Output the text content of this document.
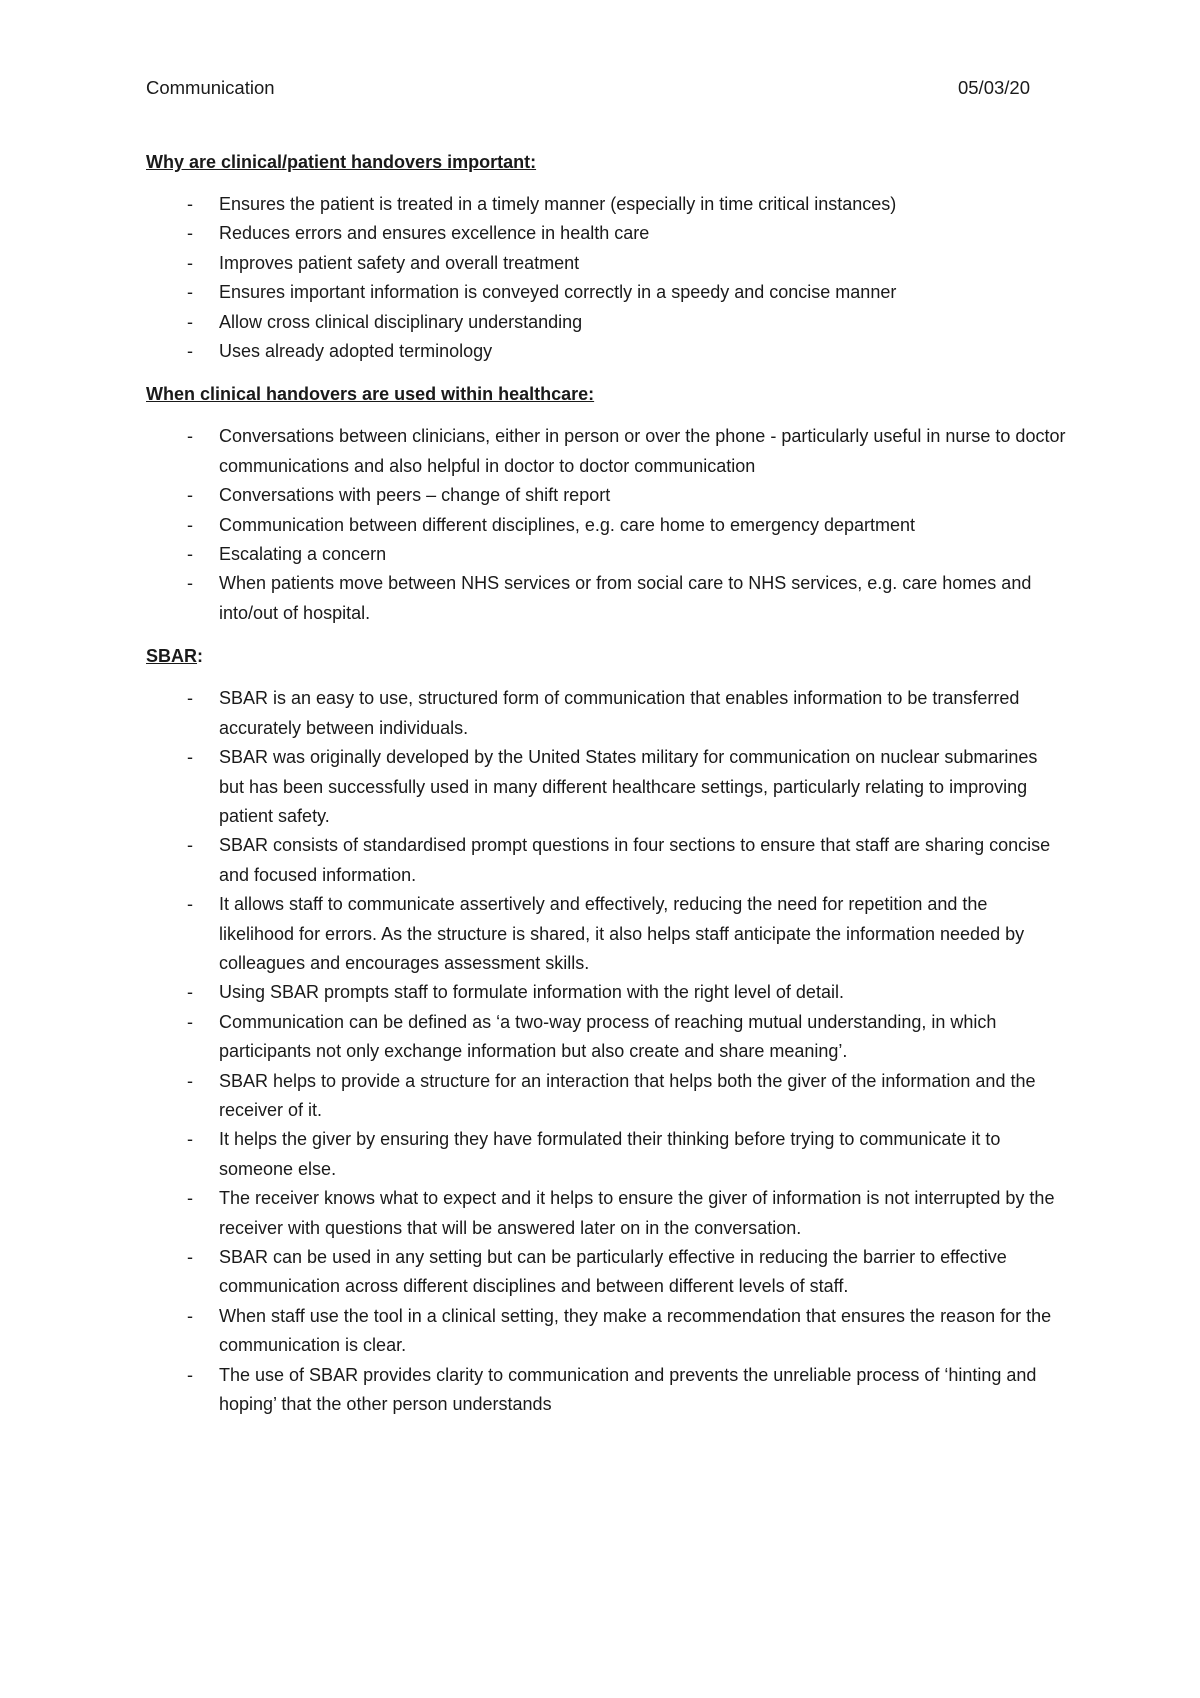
Communication	05/03/20

Why are clinical/patient handovers important:

- Ensures the patient is treated in a timely manner (especially in time critical instances)
- Reduces errors and ensures excellence in health care
- Improves patient safety and overall treatment
- Ensures important information is conveyed correctly in a speedy and concise manner
- Allow cross clinical disciplinary understanding
- Uses already adopted terminology

When clinical handovers are used within healthcare:

- Conversations between clinicians, either in person or over the phone - particularly useful in nurse to doctor communications and also helpful in doctor to doctor communication
- Conversations with peers – change of shift report
- Communication between different disciplines, e.g. care home to emergency department
- Escalating a concern
- When patients move between NHS services or from social care to NHS services, e.g. care homes and into/out of hospital.

SBAR:

- SBAR is an easy to use, structured form of communication that enables information to be transferred accurately between individuals.
- SBAR was originally developed by the United States military for communication on nuclear submarines but has been successfully used in many different healthcare settings, particularly relating to improving patient safety.
- SBAR consists of standardised prompt questions in four sections to ensure that staff are sharing concise and focused information.
- It allows staff to communicate assertively and effectively, reducing the need for repetition and the likelihood for errors. As the structure is shared, it also helps staff anticipate the information needed by colleagues and encourages assessment skills.
- Using SBAR prompts staff to formulate information with the right level of detail.
- Communication can be defined as ‘a two-way process of reaching mutual understanding, in which participants not only exchange information but also create and share meaning’.
- SBAR helps to provide a structure for an interaction that helps both the giver of the information and the receiver of it.
- It helps the giver by ensuring they have formulated their thinking before trying to communicate it to someone else.
- The receiver knows what to expect and it helps to ensure the giver of information is not interrupted by the receiver with questions that will be answered later on in the conversation.
- SBAR can be used in any setting but can be particularly effective in reducing the barrier to effective communication across different disciplines and between different levels of staff.
- When staff use the tool in a clinical setting, they make a recommendation that ensures the reason for the communication is clear.
- The use of SBAR provides clarity to communication and prevents the unreliable process of ‘hinting and hoping’ that the other person understands
